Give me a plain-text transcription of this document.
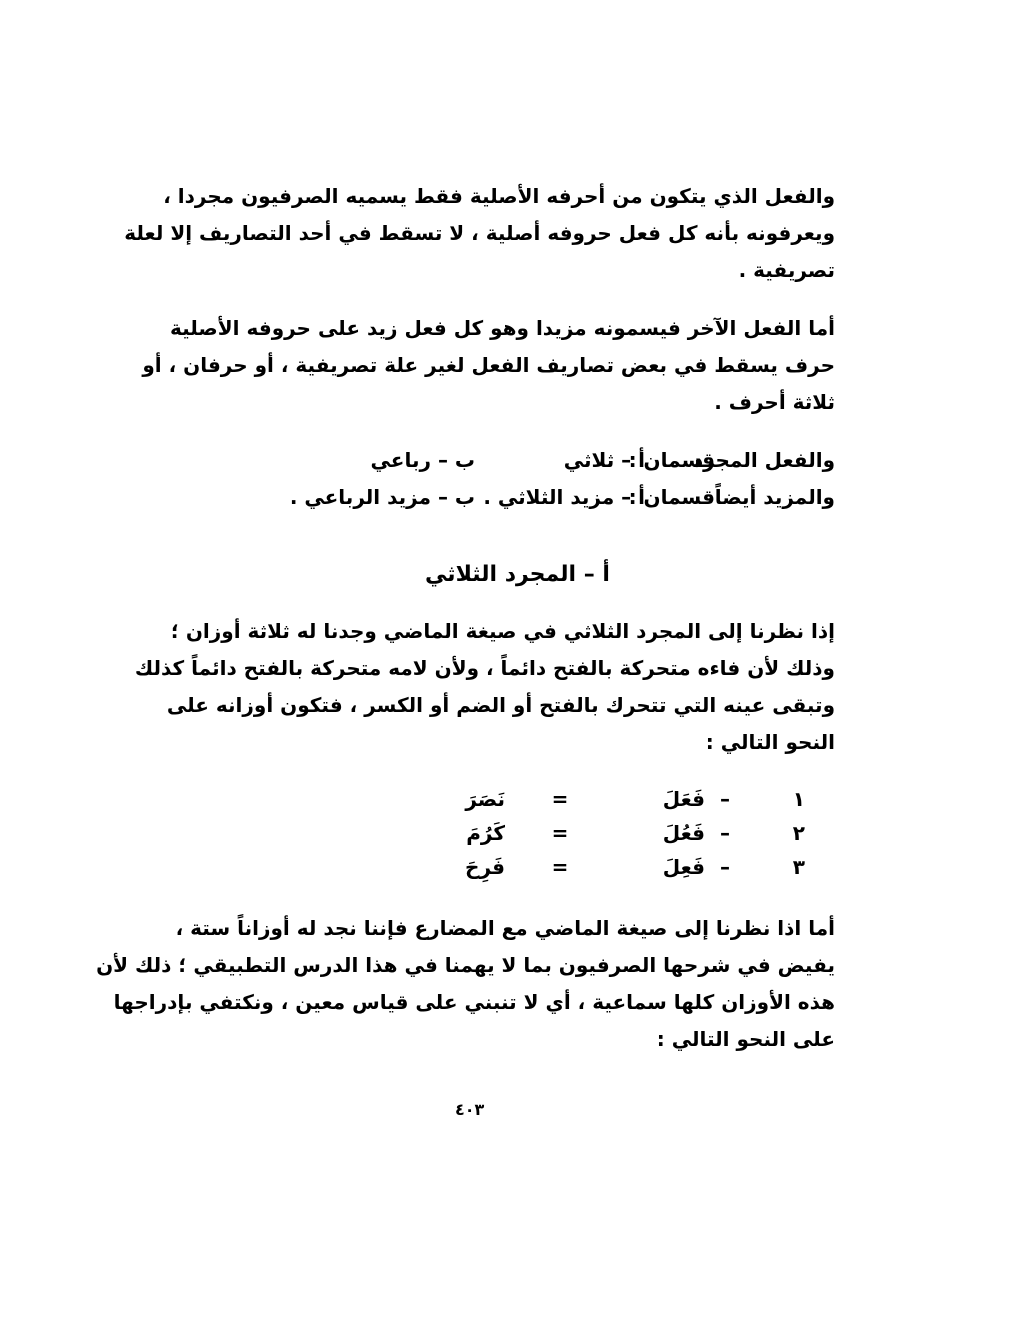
والفعل الذي يتكون من أحرفه الأصلية فقط يسميه الصرفيون مجردا ،
ويعرفونه بأنه كل فعل حروفه أصلية ، لا تسقط في أحد التصاريف إلا لعلة
تصريفية .
أما الفعل الآخر فيسمونه مزيدا وهو كل فعل زيد على حروفه الأصلية
حرف يسقط في بعض تصاريف الفعل لغير علة تصريفية ، أو حرفان ، أو
ثلاثة أحرف .
والفعل المجرد
قسمان :
أ – ثلاثي
ب – رباعي
والمزيد أيضاً
قسمان :
أ – مزيد الثلاثي .
ب – مزيد الرباعي .
أ – المجرد الثلاثي
إذا نظرنا إلى المجرد الثلاثي في صيغة الماضي وجدنا له ثلاثة أوزان ؛
وذلك لأن فاءه متحركة بالفتح دائماً ، ولأن لامه متحركة بالفتح دائماً كذلك
وتبقى عينه التي تتحرك بالفتح أو الضم أو الكسر ، فتكون أوزانه على
النحو التالي :
١
–
فَعَلَ
=
نَصَرَ
٢
–
فَعُلَ
=
كَرُمَ
٣
–
فَعِلَ
=
فَرِحَ
أما اذا نظرنا إلى صيغة الماضي مع المضارع فإننا نجد له أوزاناً ستة ،
يفيض في شرحها الصرفيون بما لا يهمنا في هذا الدرس التطبيقي ؛ ذلك لأن
هذه الأوزان كلها سماعية ، أي لا تنبني على قياس معين ، ونكتفي بإدراجها
على النحو التالي :
٤٠٣
